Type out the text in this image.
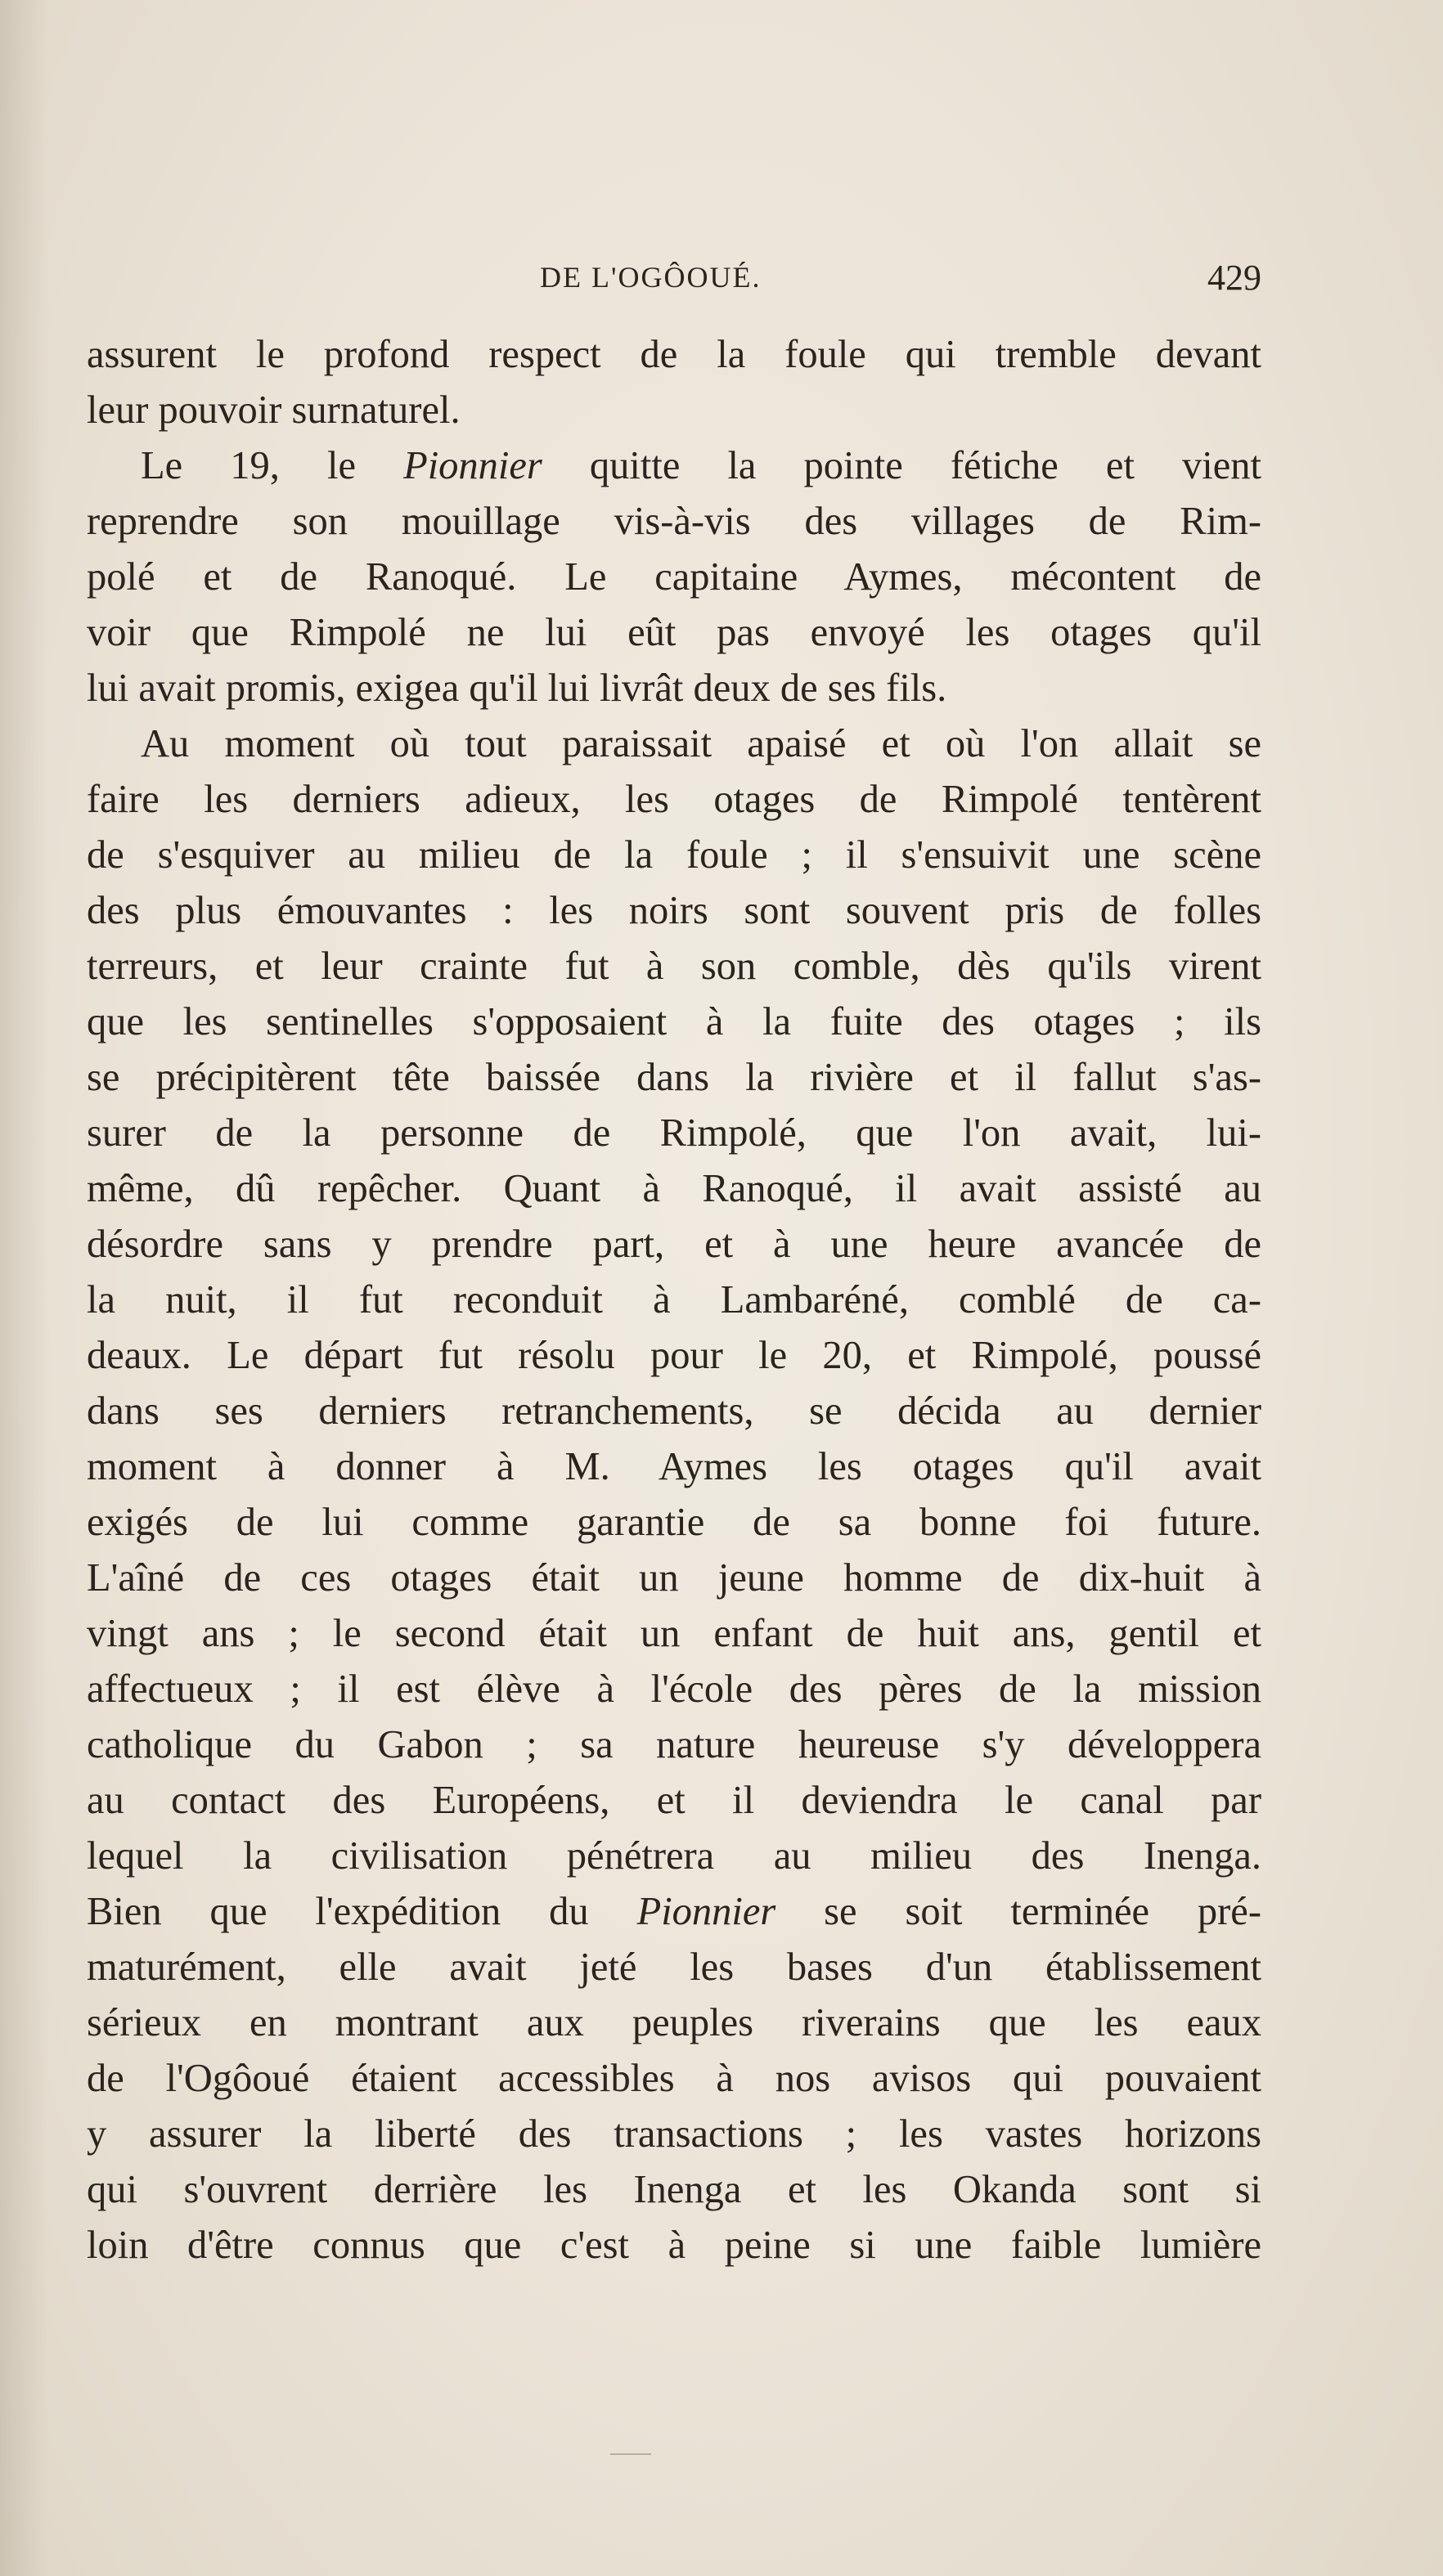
DE L'OGÔOUÉ.	429
assurent le profond respect de la foule qui tremble devant
leur pouvoir surnaturel.
Le 19, le Pionnier quitte la pointe fétiche et vient
reprendre son mouillage vis-à-vis des villages de Rim-
polé et de Ranoqué. Le capitaine Aymes, mécontent de
voir que Rimpolé ne lui eût pas envoyé les otages qu'il
lui avait promis, exigea qu'il lui livrât deux de ses fils.
Au moment où tout paraissait apaisé et où l'on allait se
faire les derniers adieux, les otages de Rimpolé tentèrent
de s'esquiver au milieu de la foule ; il s'ensuivit une scène
des plus émouvantes : les noirs sont souvent pris de folles
terreurs, et leur crainte fut à son comble, dès qu'ils virent
que les sentinelles s'opposaient à la fuite des otages ; ils
se précipitèrent tête baissée dans la rivière et il fallut s'as-
surer de la personne de Rimpolé, que l'on avait, lui-
même, dû repêcher. Quant à Ranoqué, il avait assisté au
désordre sans y prendre part, et à une heure avancée de
la nuit, il fut reconduit à Lambaréné, comblé de ca-
deaux. Le départ fut résolu pour le 20, et Rimpolé, poussé
dans ses derniers retranchements, se décida au dernier
moment à donner à M. Aymes les otages qu'il avait
exigés de lui comme garantie de sa bonne foi future.
L'aîné de ces otages était un jeune homme de dix-huit à
vingt ans ; le second était un enfant de huit ans, gentil et
affectueux ; il est élève à l'école des pères de la mission
catholique du Gabon ; sa nature heureuse s'y développera
au contact des Européens, et il deviendra le canal par
lequel la civilisation pénétrera au milieu des Inenga.
Bien que l'expédition du Pionnier se soit terminée pré-
maturément, elle avait jeté les bases d'un établissement
sérieux en montrant aux peuples riverains que les eaux
de l'Ogôoué étaient accessibles à nos avisos qui pouvaient
y assurer la liberté des transactions ; les vastes horizons
qui s'ouvrent derrière les Inenga et les Okanda sont si
loin d'être connus que c'est à peine si une faible lumière
